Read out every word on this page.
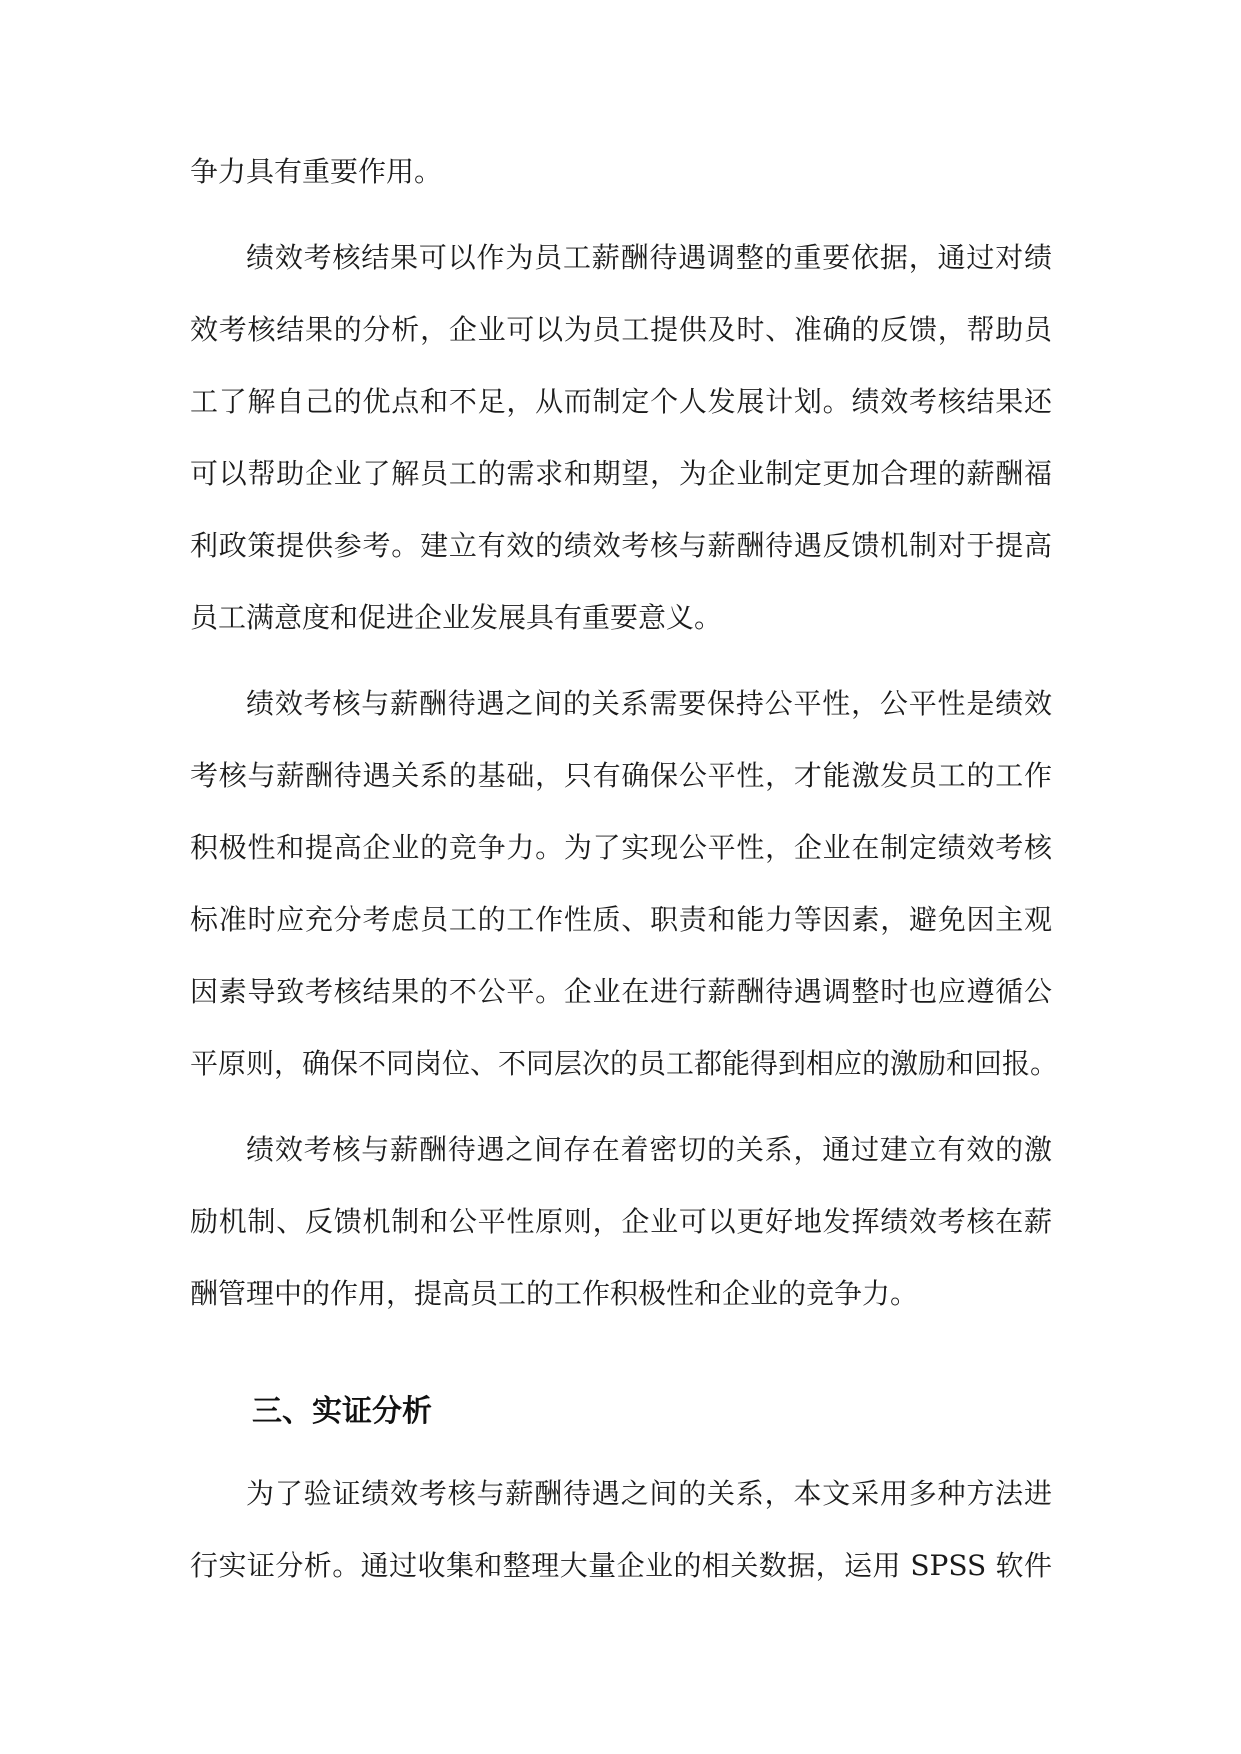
争力具有重要作用。
绩效考核结果可以作为员工薪酬待遇调整的重要依据，通过对绩
效考核结果的分析，企业可以为员工提供及时、准确的反馈，帮助员
工了解自己的优点和不足，从而制定个人发展计划。绩效考核结果还
可以帮助企业了解员工的需求和期望，为企业制定更加合理的薪酬福
利政策提供参考。建立有效的绩效考核与薪酬待遇反馈机制对于提高
员工满意度和促进企业发展具有重要意义。
绩效考核与薪酬待遇之间的关系需要保持公平性，公平性是绩效
考核与薪酬待遇关系的基础，只有确保公平性，才能激发员工的工作
积极性和提高企业的竞争力。为了实现公平性，企业在制定绩效考核
标准时应充分考虑员工的工作性质、职责和能力等因素，避免因主观
因素导致考核结果的不公平。企业在进行薪酬待遇调整时也应遵循公
平原则，确保不同岗位、不同层次的员工都能得到相应的激励和回报。
绩效考核与薪酬待遇之间存在着密切的关系，通过建立有效的激
励机制、反馈机制和公平性原则，企业可以更好地发挥绩效考核在薪
酬管理中的作用，提高员工的工作积极性和企业的竞争力。
三、实证分析
为了验证绩效考核与薪酬待遇之间的关系，本文采用多种方法进
行实证分析。通过收集和整理大量企业的相关数据，运用 SPSS 软件
